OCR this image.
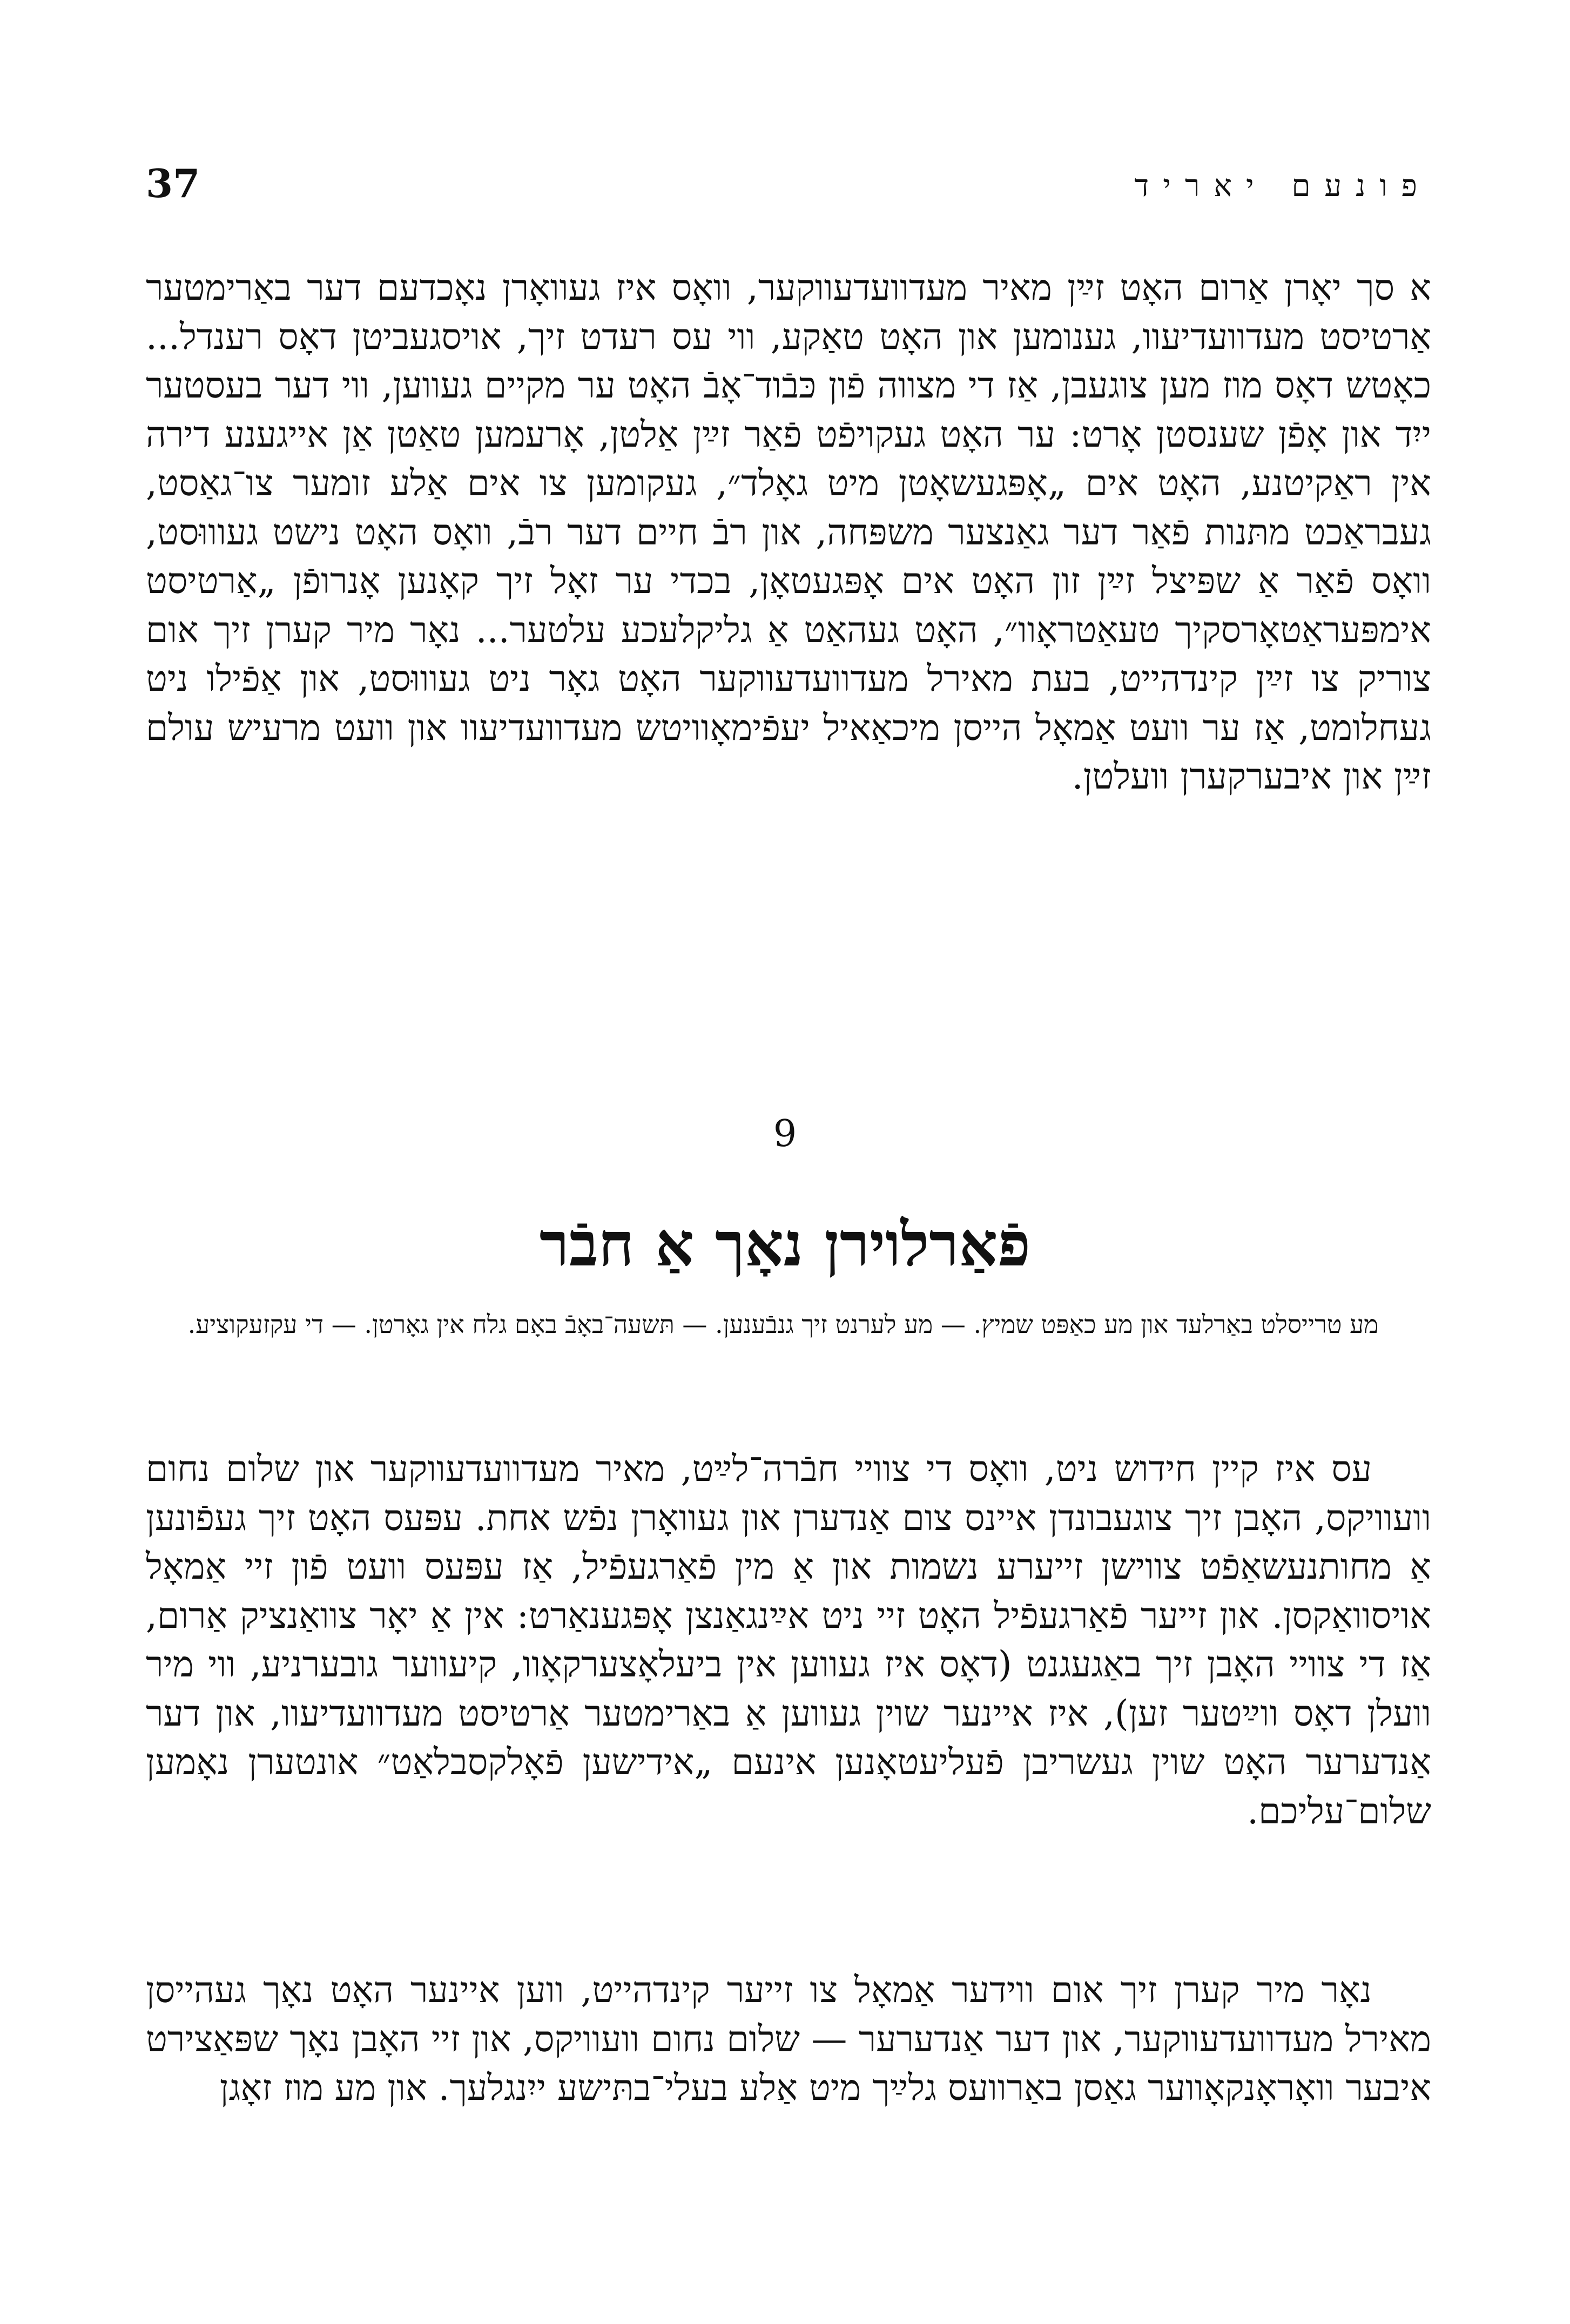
37	פונעם יאריד

א סך יאָרן אַרום האָט זײַן מאיר מעדוועדעווקער, וואָס איז געוואָרן נאָכדעם דער באַרימטער אַרטיסט מעדוועדיעוו, גענומען און האָט טאַקע, ווי עס רעדט זיך, אויסגעביטן דאָס רענדל... כאָטש דאָס מוז מען צוגעבן, אַז די מצווה פֿון כּבֿוד־אָבֿ האָט ער מקיים געווען, ווי דער בעסטער ייִד און אָפֿן שענסטן אָרט: ער האָט געקויפֿט פֿאַר זײַן אַלטן, אָרעמען טאַטן אַן אייגענע דירה אין ראַקיטנע, האָט אים „אָפּגעשאָטן מיט גאָלד״, געקומען צו אים אַלע זומער צו־גאַסט, געבראַכט מתּנות פֿאַר דער גאַנצער משפּחה, און רבֿ חיים דער רבֿ, וואָס האָט נישט געוווּסט, וואָס פֿאַר אַ שפּיצל זײַן זון האָט אים אָפּגעטאָן, בכדי ער זאָל זיך קאָנען אָנרופֿן „אַרטיסט אימפּעראַטאָרסקיך טעאַטראָוו״, האָט געהאַט אַ גליקלעכע עלטער... נאָר מיר קערן זיך אום צוריק צו זײַן קינדהייט, בעת מאירל מעדוועדעווקער האָט גאָר ניט געוווּסט, און אַפֿילו ניט געחלומט, אַז ער וועט אַמאָל הייסן מיכאַאיל יעפֿימאָוויטש מעדוועדיעוו און וועט מרעיש עולם זײַן און איבערקערן וועלטן.

9
פֿאַרלוירן נאָך אַ חבֿר
מע טרייסלט באַרלעד און מע כאַפּט שמיץ. — מע לערנט זיך גנבֿענען. — תּשעה־באָבֿ באָם גלח אין גאָרטן. — די עקזעקוציע.

עס איז קיין חידוש ניט, וואָס די צוויי חבֿרה־לײַט, מאיר מעדוועדעווקער און שלום נחום וועוויקס, האָבן זיך צוגעבונדן איינס צום אַנדערן און געוואָרן נפֿש אחת. עפּעס האָט זיך געפֿונען אַ מחותנעשאַפֿט צווישן זייערע נשמות און אַ מין פֿאַרגעפֿיל, אַז עפּעס וועט פֿון זיי אַמאָל אויסוואַקסן. און זייער פֿאַרגעפֿיל האָט זיי ניט אײַנגאַנצן אָפּגענאַרט: אין אַ יאָר צוואַנציק אַרום, אַז די צוויי האָבן זיך באַגעגנט (דאָס איז געווען אין ביעלאָצערקאָוו, קיעווער גובערניע, ווי מיר וועלן דאָס ווײַטער זען), איז איינער שוין געווען אַ באַרימטער אַרטיסט מעדוועדיעוו, און דער אַנדערער האָט שוין געשריבן פֿעליעטאָנען אינעם „אידישען פֿאָלקסבלאַט״ אונטערן נאָמען שלום־עליכם.

נאָר מיר קערן זיך אום ווידער אַמאָל צו זייער קינדהייט, ווען איינער האָט נאָך געהייסן מאירל מעדוועדעווקער, און דער אַנדערער — שלום נחום וועוויקס, און זיי האָבן נאָך שפּאַצירט איבער וואָראָנקאָווער גאַסן באַרוועס גלײַך מיט אַלע בעלי־בתּישע ייִנגלעך. און מע מוז זאָגן
